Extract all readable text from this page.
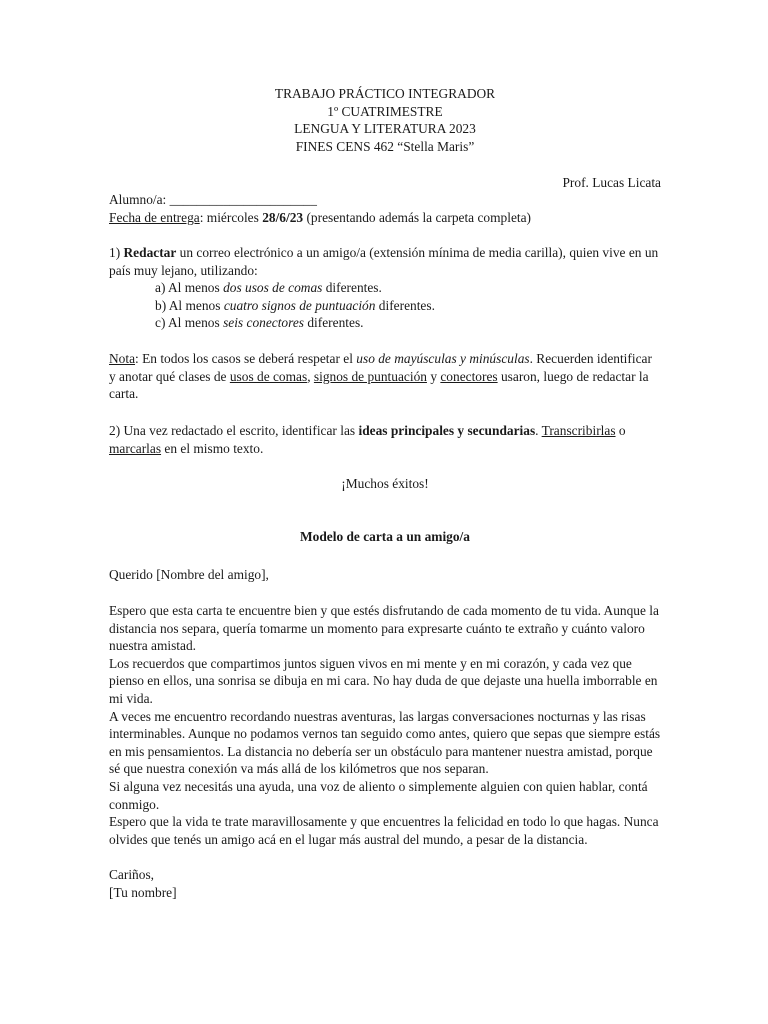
TRABAJO PRÁCTICO INTEGRADOR

1º CUATRIMESTRE

LENGUA Y LITERATURA 2023

FINES CENS 462 “Stella Maris”

Prof. Lucas Licata
Alumno/a: ______________________
Fecha de entrega: miércoles 28/6/23 (presentando además la carpeta completa)
1) Redactar un correo electrónico a un amigo/a (extensión mínima de media carilla), quien vive en un país muy lejano, utilizando:

a) Al menos dos usos de comas diferentes.

b) Al menos cuatro signos de puntuación diferentes.

c) Al menos seis conectores diferentes.

Nota: En todos los casos se deberá respetar el uso de mayúsculas y minúsculas. Recuerden identificar y anotar qué clases de usos de comas, signos de puntuación y conectores usaron, luego de redactar la carta.
2) Una vez redactado el escrito, identificar las ideas principales y secundarias. Transcribirlas o marcarlas en el mismo texto.
¡Muchos éxitos!
Modelo de carta a un amigo/a
Querido [Nombre del amigo],

Espero que esta carta te encuentre bien y que estés disfrutando de cada momento de tu vida. Aunque la distancia nos separa, quería tomarme un momento para expresarte cuánto te extraño y cuánto valoro nuestra amistad.

Los recuerdos que compartimos juntos siguen vivos en mi mente y en mi corazón, y cada vez que pienso en ellos, una sonrisa se dibuja en mi cara. No hay duda de que dejaste una huella imborrable en mi vida.

A veces me encuentro recordando nuestras aventuras, las largas conversaciones nocturnas y las risas interminables. Aunque no podamos vernos tan seguido como antes, quiero que sepas que siempre estás en mis pensamientos. La distancia no debería ser un obstáculo para mantener nuestra amistad, porque sé que nuestra conexión va más allá de los kilómetros que nos separan.

Si alguna vez necesitás una ayuda, una voz de aliento o simplemente alguien con quien hablar, contá conmigo.

Espero que la vida te trate maravillosamente y que encuentres la felicidad en todo lo que hagas. Nunca olvides que tenés un amigo acá en el lugar más austral del mundo, a pesar de la distancia.

Cariños,
[Tu nombre]
